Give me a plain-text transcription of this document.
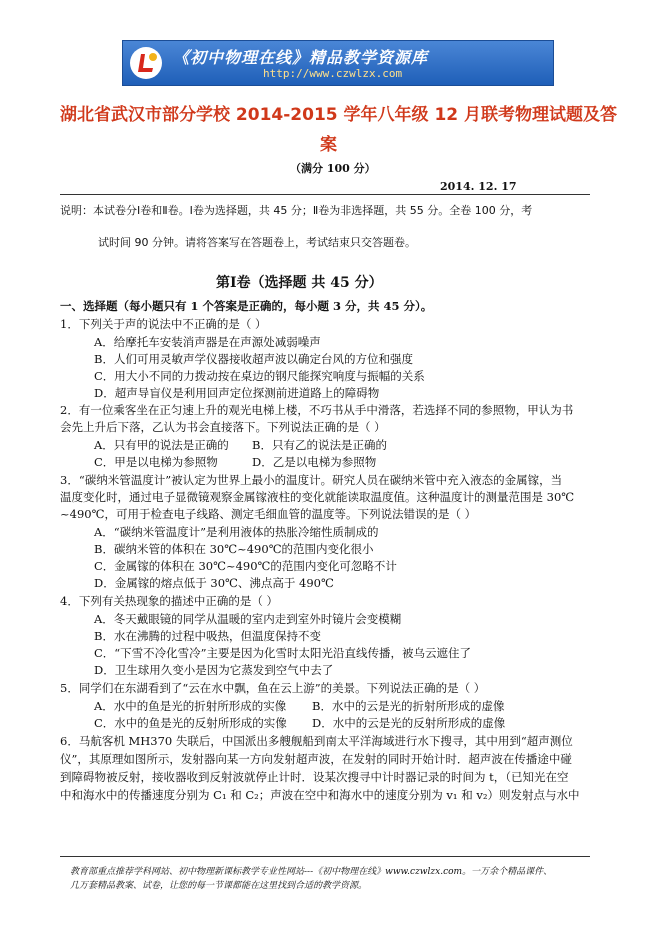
《初中物理在线》精品教学资源库
http://www.czwlzx.com
湖北省武汉市部分学校 2014-2015 学年八年级 12 月联考物理试题及答
案
（满分 100 分）
2014. 12. 17
说明：本试卷分Ⅰ卷和Ⅱ卷。Ⅰ卷为选择题，共 45 分；Ⅱ卷为非选择题，共 55 分。全卷 100 分，考
试时间 90 分钟。请将答案写在答题卷上，考试结束只交答题卷。
第Ⅰ卷（选择题 共 45 分）
一、选择题（每小题只有 1 个答案是正确的，每小题 3 分，共 45 分）。
1．下列关于声的说法中不正确的是（ ）
A．给摩托车安装消声器是在声源处减弱噪声
B．人们可用灵敏声学仪器接收超声波以确定台风的方位和强度
C．用大小不同的力拨动按在桌边的钢尺能探究响度与振幅的关系
D．超声导盲仪是利用回声定位探测前进道路上的障碍物
2．有一位乘客坐在正匀速上升的观光电梯上楼，不巧书从手中滑落，若选择不同的参照物，甲认为书
会先上升后下落，乙认为书会直接落下。下列说法正确的是（ ）
A．只有甲的说法是正确的 B．只有乙的说法是正确的
C．甲是以电梯为参照物	D．乙是以电梯为参照物
3．“碳纳米管温度计”被认定为世界上最小的温度计。研究人员在碳纳米管中充入液态的金属镓，当
温度变化时，通过电子显微镜观察金属镓液柱的变化就能读取温度值。这种温度计的测量范围是 30℃
~490℃，可用于检查电子线路、测定毛细血管的温度等。下列说法错误的是（ ）
A．“碳纳米管温度计”是利用液体的热胀冷缩性质制成的
B．碳纳米管的体积在 30℃~490℃的范围内变化很小
C．金属镓的体积在 30℃~490℃的范围内变化可忽略不计
D．金属镓的熔点低于 30℃、沸点高于 490℃
4．下列有关热现象的描述中正确的是（ ）
A．冬天戴眼镜的同学从温暖的室内走到室外时镜片会变模糊
B．水在沸腾的过程中吸热，但温度保持不变
C．“下雪不冷化雪冷”主要是因为化雪时太阳光沿直线传播，被乌云遮住了
D．卫生球用久变小是因为它蒸发到空气中去了
5．同学们在东湖看到了“云在水中飘，鱼在云上游”的美景。下列说法正确的是（ ）
A．水中的鱼是光的折射所形成的实像 B．水中的云是光的折射所形成的虚像
C．水中的鱼是光的反射所形成的实像 D．水中的云是光的反射所形成的虚像
6．马航客机 MH370 失联后，中国派出多艘舰船到南太平洋海域进行水下搜寻，其中用到“超声测位
仪”，其原理如图所示，发射器向某一方向发射超声波，在发射的同时开始计时．超声波在传播途中碰
到障碍物被反射，接收器收到反射波就停止计时．设某次搜寻中计时器记录的时间为 t，（已知光在空
中和海水中的传播速度分别为 C₁ 和 C₂；声波在空中和海水中的速度分别为 v₁ 和 v₂）则发射点与水中
教育部重点推荐学科网站、初中物理新课标教学专业性网站---《初中物理在线》www.czwlzx.com。一万余个精品课件、
几万套精品教案、试卷，让您的每一节课都能在这里找到合适的教学资源。
